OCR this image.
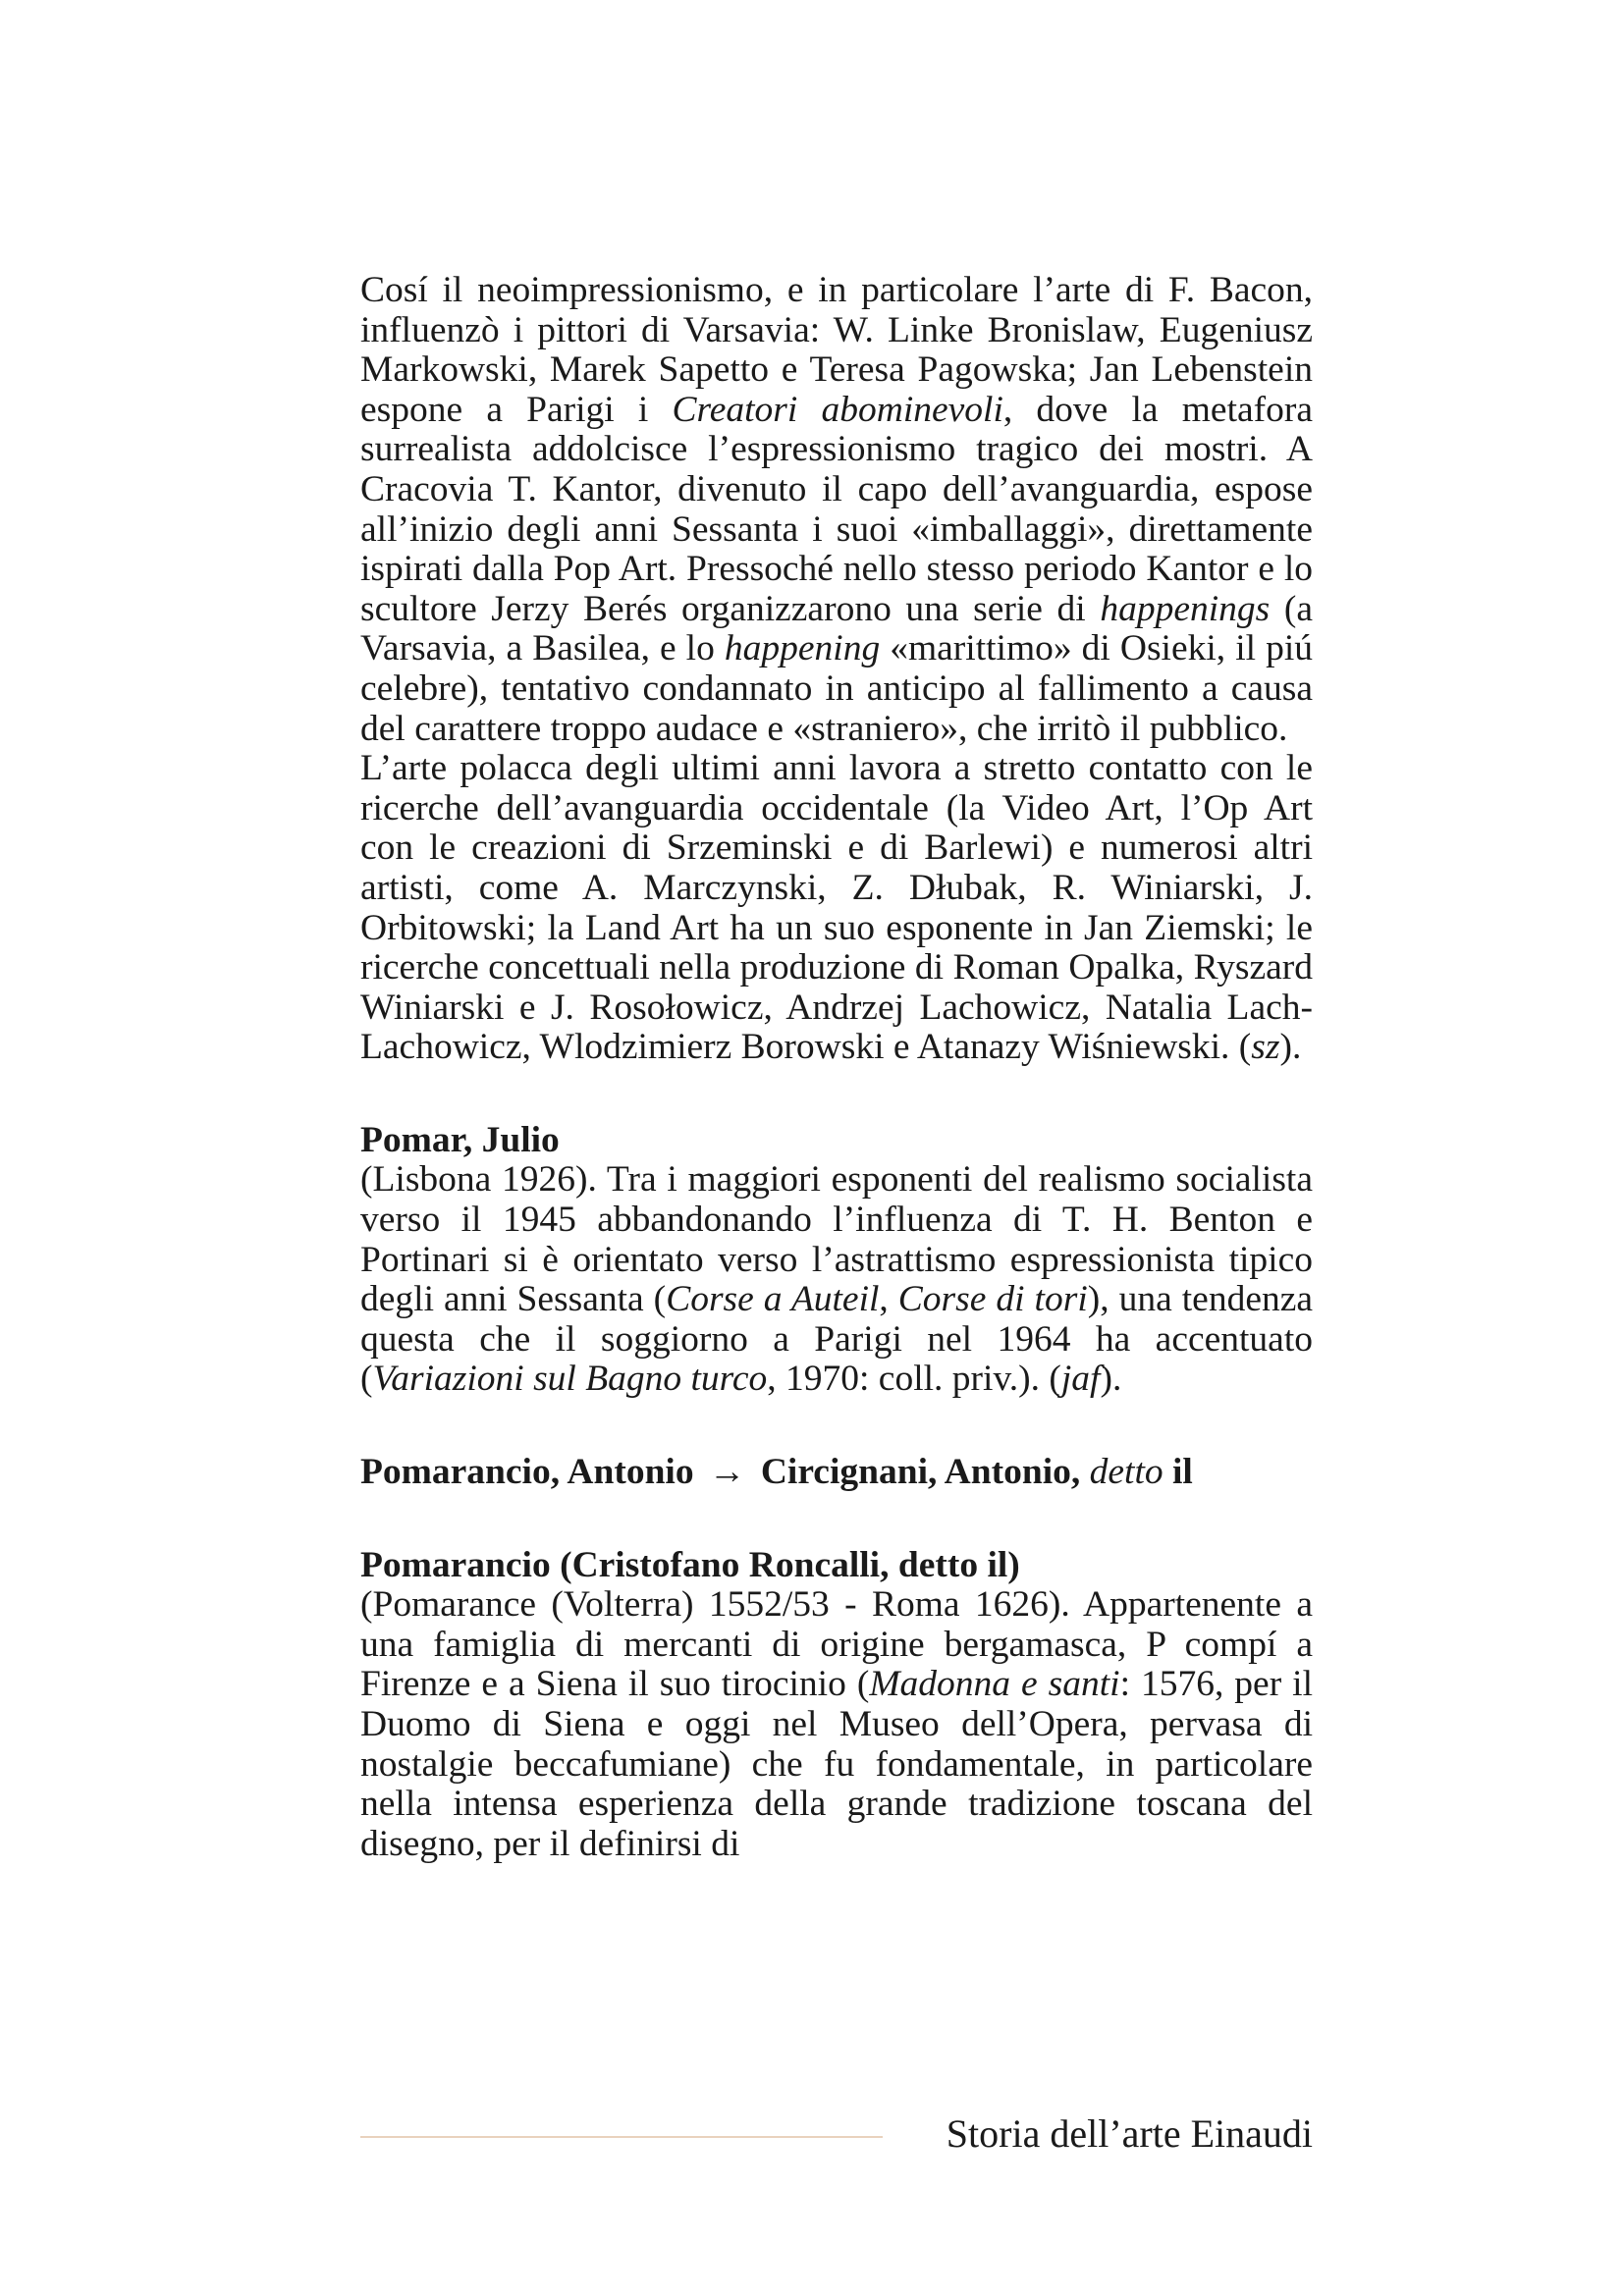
Cosí il neoimpressionismo, e in particolare l’arte di F. Bacon, influenzò i pittori di Varsavia: W. Linke Bronislaw, Eugeniusz Markowski, Marek Sapetto e Teresa Pagowska; Jan Lebenstein espone a Parigi i Creatori abominevoli, dove la metafora surrealista addolcisce l’espressionismo tragico dei mostri. A Cracovia T. Kantor, divenuto il capo dell’avanguardia, espose all’inizio degli anni Sessanta i suoi «imballaggi», direttamente ispirati dalla Pop Art. Pressoché nello stesso periodo Kantor e lo scultore Jerzy Berés organizzarono una serie di happenings (a Varsavia, a Basilea, e lo happening «marittimo» di Osieki, il piú celebre), tentativo condannato in anticipo al fallimento a causa del carattere troppo audace e «straniero», che irritò il pubblico.

L’arte polacca degli ultimi anni lavora a stretto contatto con le ricerche dell’avanguardia occidentale (la Video Art, l’Op Art con le creazioni di Srzeminski e di Barlewi) e numerosi altri artisti, come A. Marczynski, Z. Dłubak, R. Winiarski, J. Orbitowski; la Land Art ha un suo esponente in Jan Ziemski; le ricerche concettuali nella produzione di Roman Opalka, Ryszard Winiarski e J. Rosołowicz, Andrzej Lachowicz, Natalia Lach-Lachowicz, Wlodzimierz Borowski e Atanazy Wiśniewski. (sz).

Pomar, Julio

(Lisbona 1926). Tra i maggiori esponenti del realismo socialista verso il 1945 abbandonando l’influenza di T. H. Benton e Portinari si è orientato verso l’astrattismo espressionista tipico degli anni Sessanta (Corse a Auteil, Corse di tori), una tendenza questa che il soggiorno a Parigi nel 1964 ha accentuato (Variazioni sul Bagno turco, 1970: coll. priv.). (jaf).

Pomarancio, Antonio → Circignani, Antonio, detto il
Pomarancio (Cristofano Roncalli, detto il)

(Pomarance (Volterra) 1552/53 - Roma 1626). Appartenente a una famiglia di mercanti di origine bergamasca, P compí a Firenze e a Siena il suo tirocinio (Madonna e santi: 1576, per il Duomo di Siena e oggi nel Museo dell’Opera, pervasa di nostalgie beccafumiane) che fu fondamentale, in particolare nella intensa esperienza della grande tradizione toscana del disegno, per il definirsi di

Storia dell’arte Einaudi
